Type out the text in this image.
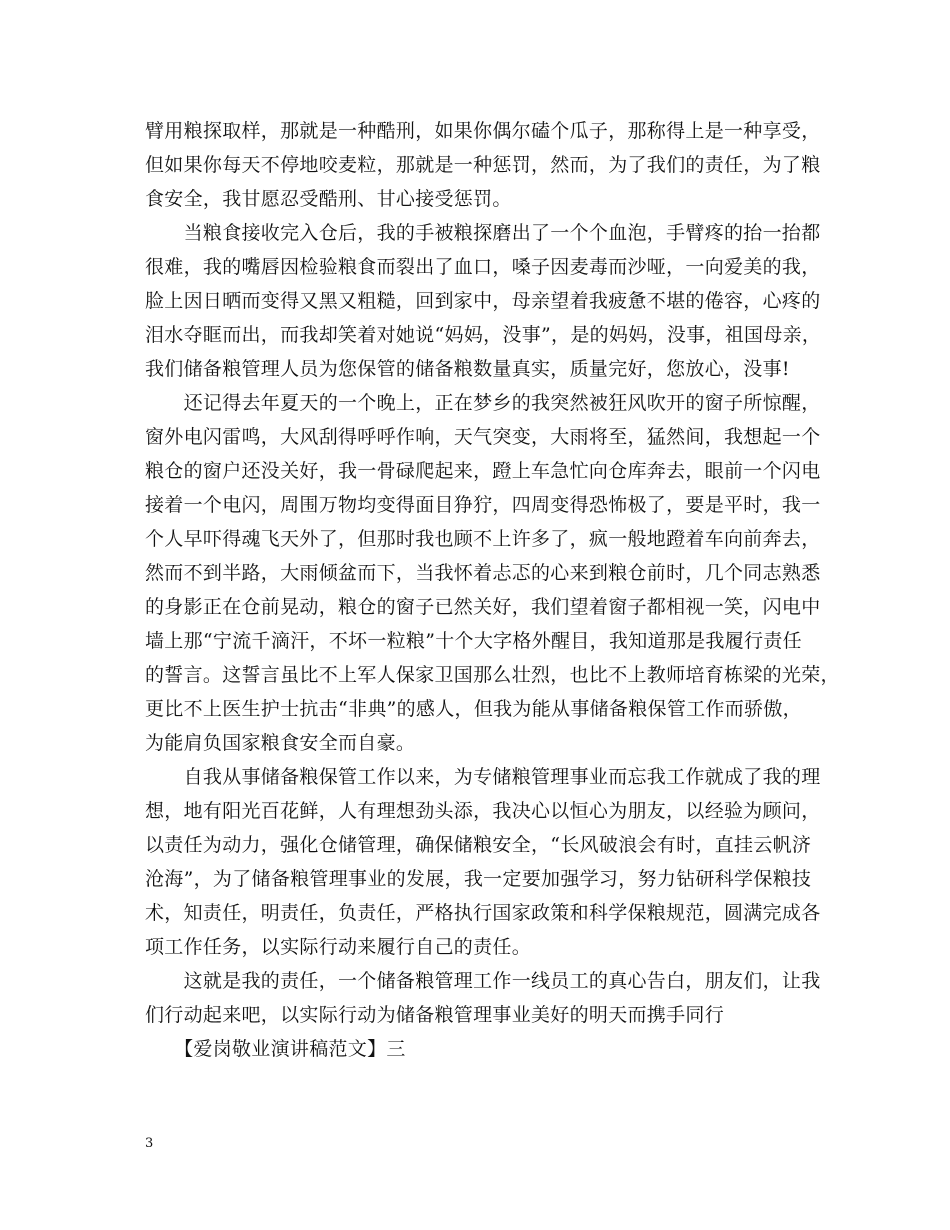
臂用粮探取样，那就是一种酷刑，如果你偶尔磕个瓜子，那称得上是一种享受，
但如果你每天不停地咬麦粒，那就是一种惩罚，然而，为了我们的责任，为了粮
食安全，我甘愿忍受酷刑、甘心接受惩罚。
　　当粮食接收完入仓后，我的手被粮探磨出了一个个血泡，手臂疼的抬一抬都
很难，我的嘴唇因检验粮食而裂出了血口，嗓子因麦毒而沙哑，一向爱美的我，
脸上因日晒而变得又黑又粗糙，回到家中，母亲望着我疲惫不堪的倦容，心疼的
泪水夺眶而出，而我却笑着对她说“妈妈，没事”，是的妈妈，没事，祖国母亲，
我们储备粮管理人员为您保管的储备粮数量真实，质量完好，您放心，没事!
　　还记得去年夏天的一个晚上，正在梦乡的我突然被狂风吹开的窗子所惊醒，
窗外电闪雷鸣，大风刮得呼呼作响，天气突变，大雨将至，猛然间，我想起一个
粮仓的窗户还没关好，我一骨碌爬起来，蹬上车急忙向仓库奔去，眼前一个闪电
接着一个电闪，周围万物均变得面目狰狞，四周变得恐怖极了，要是平时，我一
个人早吓得魂飞天外了，但那时我也顾不上许多了，疯一般地蹬着车向前奔去，
然而不到半路，大雨倾盆而下，当我怀着忐忑的心来到粮仓前时，几个同志熟悉
的身影正在仓前晃动，粮仓的窗子已然关好，我们望着窗子都相视一笑，闪电中
墙上那“宁流千滴汗，不坏一粒粮”十个大字格外醒目，我知道那是我履行责任
的誓言。这誓言虽比不上军人保家卫国那么壮烈，也比不上教师培育栋梁的光荣，
更比不上医生护士抗击“非典”的感人，但我为能从事储备粮保管工作而骄傲，
为能肩负国家粮食安全而自豪。
　　自我从事储备粮保管工作以来，为专储粮管理事业而忘我工作就成了我的理
想，地有阳光百花鲜，人有理想劲头添，我决心以恒心为朋友，以经验为顾问，
以责任为动力，强化仓储管理，确保储粮安全，“长风破浪会有时，直挂云帆济
沧海”，为了储备粮管理事业的发展，我一定要加强学习，努力钻研科学保粮技
术，知责任，明责任，负责任，严格执行国家政策和科学保粮规范，圆满完成各
项工作任务，以实际行动来履行自己的责任。
　　这就是我的责任，一个储备粮管理工作一线员工的真心告白，朋友们，让我
们行动起来吧，以实际行动为储备粮管理事业美好的明天而携手同行
　　【爱岗敬业演讲稿范文】三
3
